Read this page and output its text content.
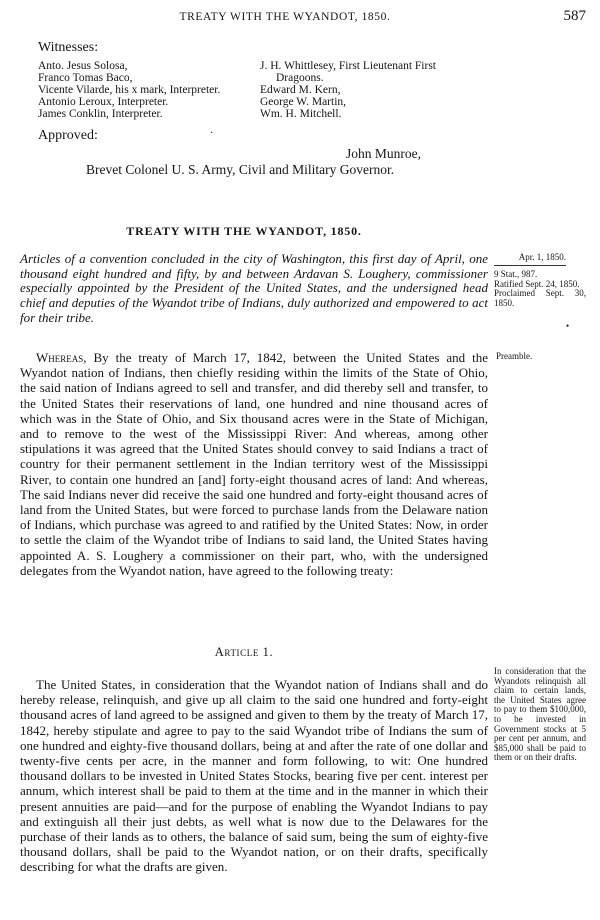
TREATY WITH THE WYANDOT, 1850.	587
Witnesses:
Anto. Jesus Solosa,
Franco Tomas Baco,
Vicente Vilarde, his x mark, Interpreter.
Antonio Leroux, Interpreter.
James Conklin, Interpreter.
J. H. Whittlesey, First Lieutenant First
Dragoons.
Edward M. Kern,
George W. Martin,
Wm. H. Mitchell.
Approved:
John Munroe,
Brevet Colonel U. S. Army, Civil and Military Governor.
TREATY WITH THE WYANDOT, 1850.
Articles of a convention concluded in the city of Washington, this first day of April, one thousand eight hundred and fifty, by and between Ardavan S. Loughery, commissioner especially appointed by the President of the United States, and the undersigned head chief and deputies of the Wyandot tribe of Indians, duly authorized and empowered to act for their tribe.
Whereas, By the treaty of March 17, 1842, between the United States and the Wyandot nation of Indians, then chiefly residing within the limits of the State of Ohio, the said nation of Indians agreed to sell and transfer, and did thereby sell and transfer, to the United States their reservations of land, one hundred and nine thousand acres of which was in the State of Ohio, and Six thousand acres were in the State of Michigan, and to remove to the west of the Mississippi River: And whereas, among other stipulations it was agreed that the United States should convey to said Indians a tract of country for their permanent settlement in the Indian territory west of the Mississippi River, to contain one hundred an [and] forty-eight thousand acres of land: And whereas, The said Indians never did receive the said one hundred and forty-eight thousand acres of land from the United States, but were forced to purchase lands from the Delaware nation of Indians, which purchase was agreed to and ratified by the United States: Now, in order to settle the claim of the Wyandot tribe of Indians to said land, the United States having appointed A. S. Loughery a commissioner on their part, who, with the undersigned delegates from the Wyandot nation, have agreed to the following treaty:
Article 1.
The United States, in consideration that the Wyandot nation of Indians shall and do hereby release, relinquish, and give up all claim to the said one hundred and forty-eight thousand acres of land agreed to be assigned and given to them by the treaty of March 17, 1842, hereby stipulate and agree to pay to the said Wyandot tribe of Indians the sum of one hundred and eighty-five thousand dollars, being at and after the rate of one dollar and twenty-five cents per acre, in the manner and form following, to wit: One hundred thousand dollars to be invested in United States Stocks, bearing five per cent. interest per annum, which interest shall be paid to them at the time and in the manner in which their present annuities are paid—and for the purpose of enabling the Wyandot Indians to pay and extinguish all their just debts, as well what is now due to the Delawares for the purchase of their lands as to others, the balance of said sum, being the sum of eighty-five thousand dollars, shall be paid to the Wyandot nation, or on their drafts, specifically describing for what the drafts are given.
Apr. 1, 1850.
9 Stat., 987.
Ratified Sept. 24, 1850.
Proclaimed Sept. 30, 1850.
•
Preamble.
In consideration that the Wyandots relinquish all claim to certain lands, the United States agree to pay to them $100,000, to be invested in Government stocks at 5 per cent per annum, and $85,000 shall be paid to them or on their drafts.
·
